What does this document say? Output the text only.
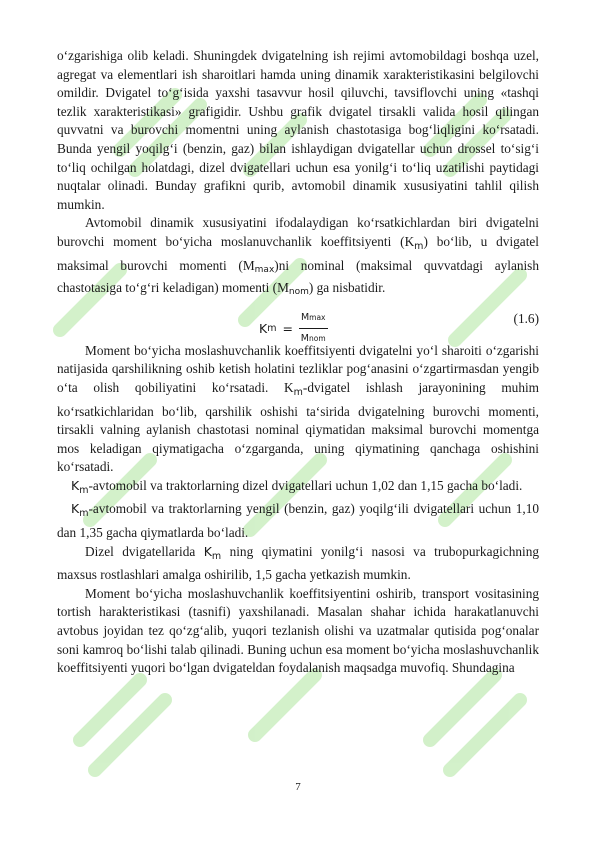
o‘zgarishiga olib keladi. Shuningdek dvigatelning ish rejimi avtomobildagi boshqa uzel, agregat va elementlari ish sharoitlari hamda uning dinamik xarakteristikasini belgilovchi omildir. Dvigatel to‘g‘isida yaxshi tasavvur hosil qiluvchi, tavsiflovchi uning «tashqi tezlik xarakteristikasi» grafigidir. Ushbu grafik dvigatel tirsakli valida hosil qilingan quvvatni va burovchi momentni uning aylanish chastotasiga bog‘liqligini ko‘rsatadi. Bunda yengil yoqilg‘i (benzin, gaz) bilan ishlaydigan dvigatellar uchun drossel to‘sig‘i to‘liq ochilgan holatdagi, dizel dvigatellari uchun esa yonilg‘i to‘liq uzatilishi paytidagi nuqtalar olinadi. Bunday grafikni qurib, avtomobil dinamik xususiyatini tahlil qilish mumkin.

Avtomobil dinamik xususiyatini ifodalaydigan ko‘rsatkichlardan biri dvigatelni burovchi moment bo‘yicha moslanuvchanlik koeffitsiyenti $(K_m)$ bo‘lib, u dvigatel maksimal burovchi momenti $(M_{max})ni$ nominal (maksimal quvvatdagi aylanish chastotasiga to‘g‘ri keladigan) momenti $(M_{nom})$ ga nisbatidir.

K $m = \frac{Mmax}{\text{Mnom}}$	(1.6)

Moment bo‘yicha moslashuvchanlik koeffitsiyenti dvigatelni yo‘l sharoiti o‘zgarishi natijasida qarshilikning oshib ketish holatini tezliklar pog‘anasini o‘zgartirmasdan yengib o‘ta olish qobiliyatini ko‘rsatadi. $K_m$-dvigatel ishlash jarayonining muhim ko‘rsatkichlaridan bo‘lib, qarshilik oshishi ta‘sirida dvigatelning burovchi momenti, tirsakli valning aylanish chastotasi nominal qiymatidan maksimal burovchi momentga mos keladigan qiymatigacha o‘zgarganda, uning qiymatining qanchaga oshishini ko‘rsatadi.

$K_m$-avtomobil va traktorlarning dizel dvigatellari uchun 1,02 dan 1,15 gacha bo‘ladi.

$K_m$-avtomobil va traktorlarning yengil (benzin, gaz) yoqilg‘ili dvigatellari uchun 1,10 dan 1,35 gacha qiymatlarda bo‘ladi.

Dizel dvigatellarida $K_m$ ning qiymatini yonilg‘i nasosi va trubopurkagichning maxsus rostlashlari amalga oshirilib, 1,5 gacha yetkazish mumkin.

Moment bo‘yicha moslashuvchanlik koeffitsiyentini oshirib, transport vositasining tortish harakteristikasi (tasnifi) yaxshilanadi. Masalan shahar ichida harakatlanuvchi avtobus joyidan tez qo‘zg‘alib, yuqori tezlanish olishi va uzatmalar qutisida pog‘onalar soni kamroq bo‘lishi talab qilinadi. Buning uchun esa moment bo‘yicha moslashuvchanlik koeffitsiyenti yuqori bo‘lgan dvigateldan foydalanish maqsadga muvofiq. Shundagina

7
